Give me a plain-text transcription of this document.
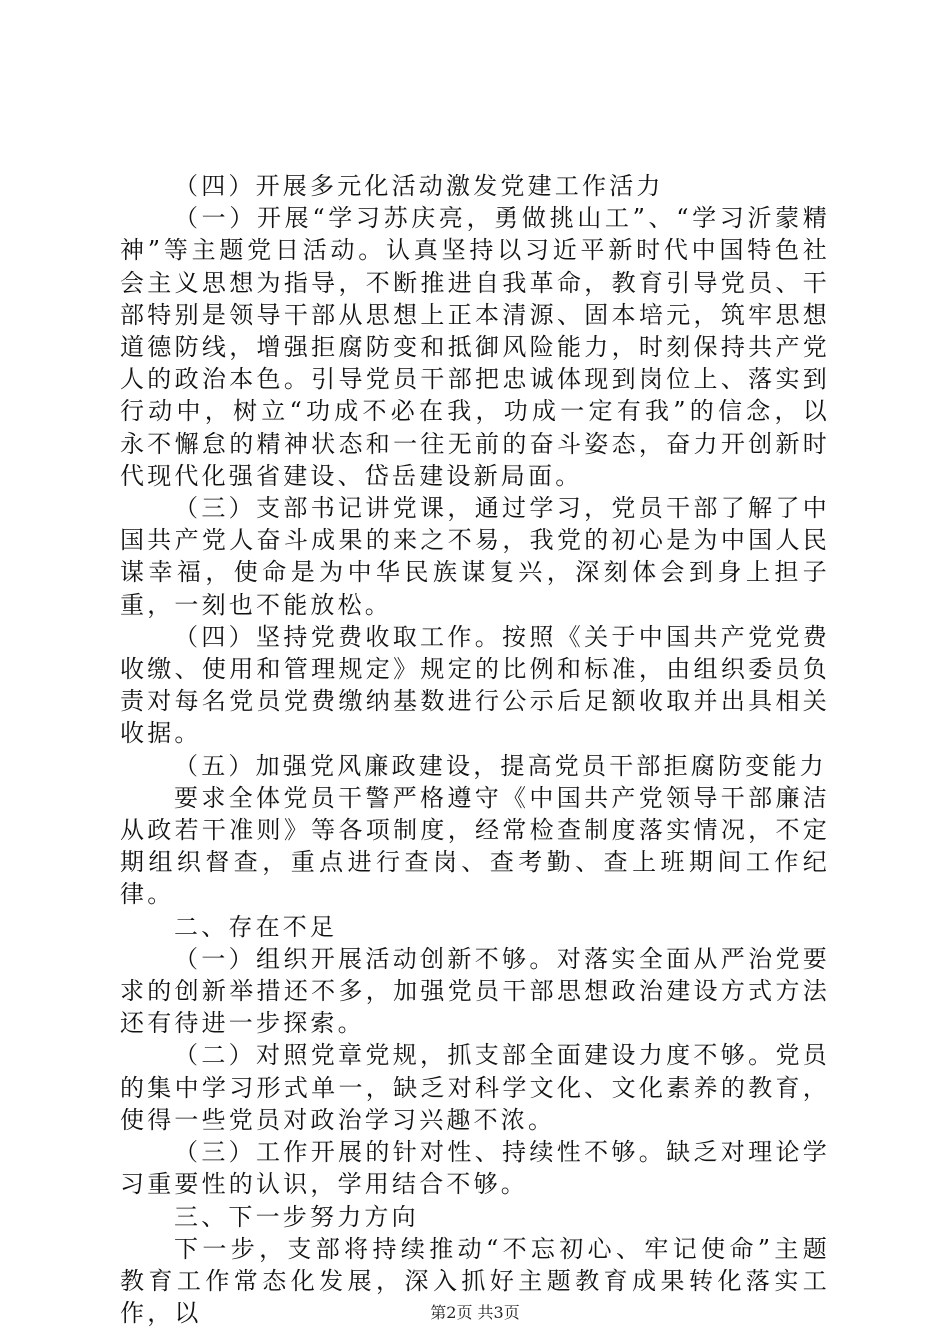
（四）开展多元化活动激发党建工作活力

（一）开展“学习苏庆亮，勇做挑山工”、“学习沂蒙精神”等主题党日活动。认真坚持以习近平新时代中国特色社会主义思想为指导，不断推进自我革命，教育引导党员、干部特别是领导干部从思想上正本清源、固本培元，筑牢思想道德防线，增强拒腐防变和抵御风险能力，时刻保持共产党人的政治本色。引导党员干部把忠诚体现到岗位上、落实到行动中，树立“功成不必在我，功成一定有我”的信念，以永不懈怠的精神状态和一往无前的奋斗姿态，奋力开创新时代现代化强省建设、岱岳建设新局面。

（三）支部书记讲党课，通过学习，党员干部了解了中国共产党人奋斗成果的来之不易，我党的初心是为中国人民谋幸福，使命是为中华民族谋复兴，深刻体会到身上担子重，一刻也不能放松。

（四）坚持党费收取工作。按照《关于中国共产党党费收缴、使用和管理规定》规定的比例和标准，由组织委员负责对每名党员党费缴纳基数进行公示后足额收取并出具相关收据。

（五）加强党风廉政建设，提高党员干部拒腐防变能力

要求全体党员干警严格遵守《中国共产党领导干部廉洁从政若干准则》等各项制度，经常检查制度落实情况，不定期组织督查，重点进行查岗、查考勤、查上班期间工作纪律。

二、存在不足

（一）组织开展活动创新不够。对落实全面从严治党要求的创新举措还不多，加强党员干部思想政治建设方式方法还有待进一步探索。

（二）对照党章党规，抓支部全面建设力度不够。党员的集中学习形式单一，缺乏对科学文化、文化素养的教育，使得一些党员对政治学习兴趣不浓。

（三）工作开展的针对性、持续性不够。缺乏对理论学习重要性的认识，学用结合不够。

三、下一步努力方向

下一步，支部将持续推动“不忘初心、牢记使命”主题教育工作常态化发展，深入抓好主题教育成果转化落实工作，以	第2页 共3页
